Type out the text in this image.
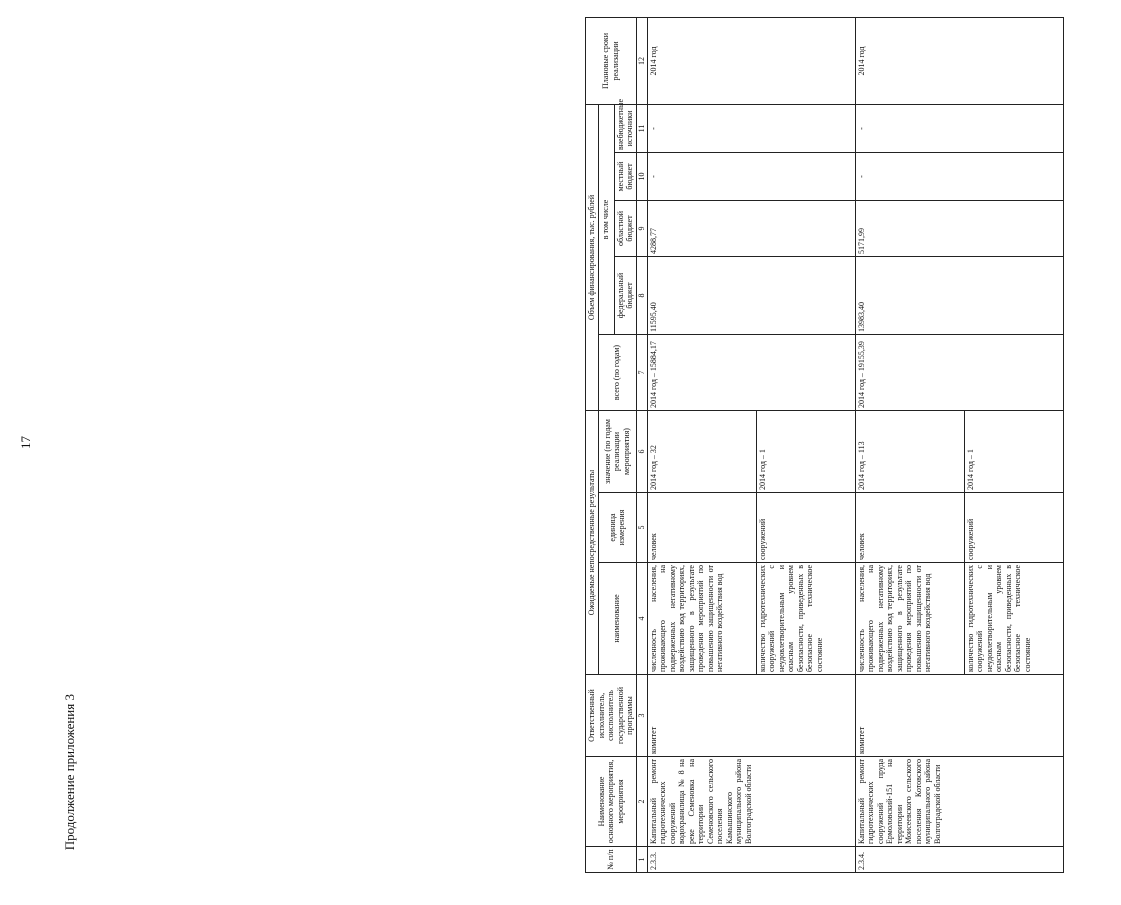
17
Продолжение приложения 3
№ п/п	Наименование основного мероприятия, мероприятия	Ответственный исполнитель, соисполнитель государственной программы	Ожидаемые непосредственные результаты			Объем финансирования, тыс. рублей					Плановые сроки реализации
			наименование	единица измерения	значение (по годам реализации мероприятия)	всего (по годам)	в том числе				
							федеральный бюджет	областной бюджет	местный бюджет	внебюджетные источники	
1	2	3	4	5	6	7	8	9	10	11	12
2.3.3.	Капитальный ремонт гидротехнических сооружений водохранилища № 8 на реке Семеновка на территории Семеновского сельского поселения Камышинского муниципального района Волгоградской области	комитет	численность населения, проживающего на подверженных негативному воздействию вод территориях, защищенного в результате проведения мероприятий по повышению защищенности от негативного воздействия вод	человек	2014 год – 32	2014 год – 15884,17	11595,40	4288,77	-	-	2014 год
			количество гидротехнических сооружений с неудовлетворительным и опасным уровнем безопасности, приведенных в безопасное техническое состояние	сооружений	2014 год – 1						
2.3.4.	Капитальный ремонт гидротехнических сооружений пруда Ермоловский-151 на территории Моисеевского сельского поселения Котовского муниципального района Волгоградской области	комитет	численность населения, проживающего на подверженных негативному воздействию вод территориях, защищенного в результате проведения мероприятий по повышению защищенности от негативного воздействия вод	человек	2014 год – 113	2014 год – 19155,39	13983,40	5171,99	-	-	2014 год
			количество гидротехнических сооружений с неудовлетворительным и опасным уровнем безопасности, приведенных в безопасное техническое состояние	сооружений	2014 год – 1						
